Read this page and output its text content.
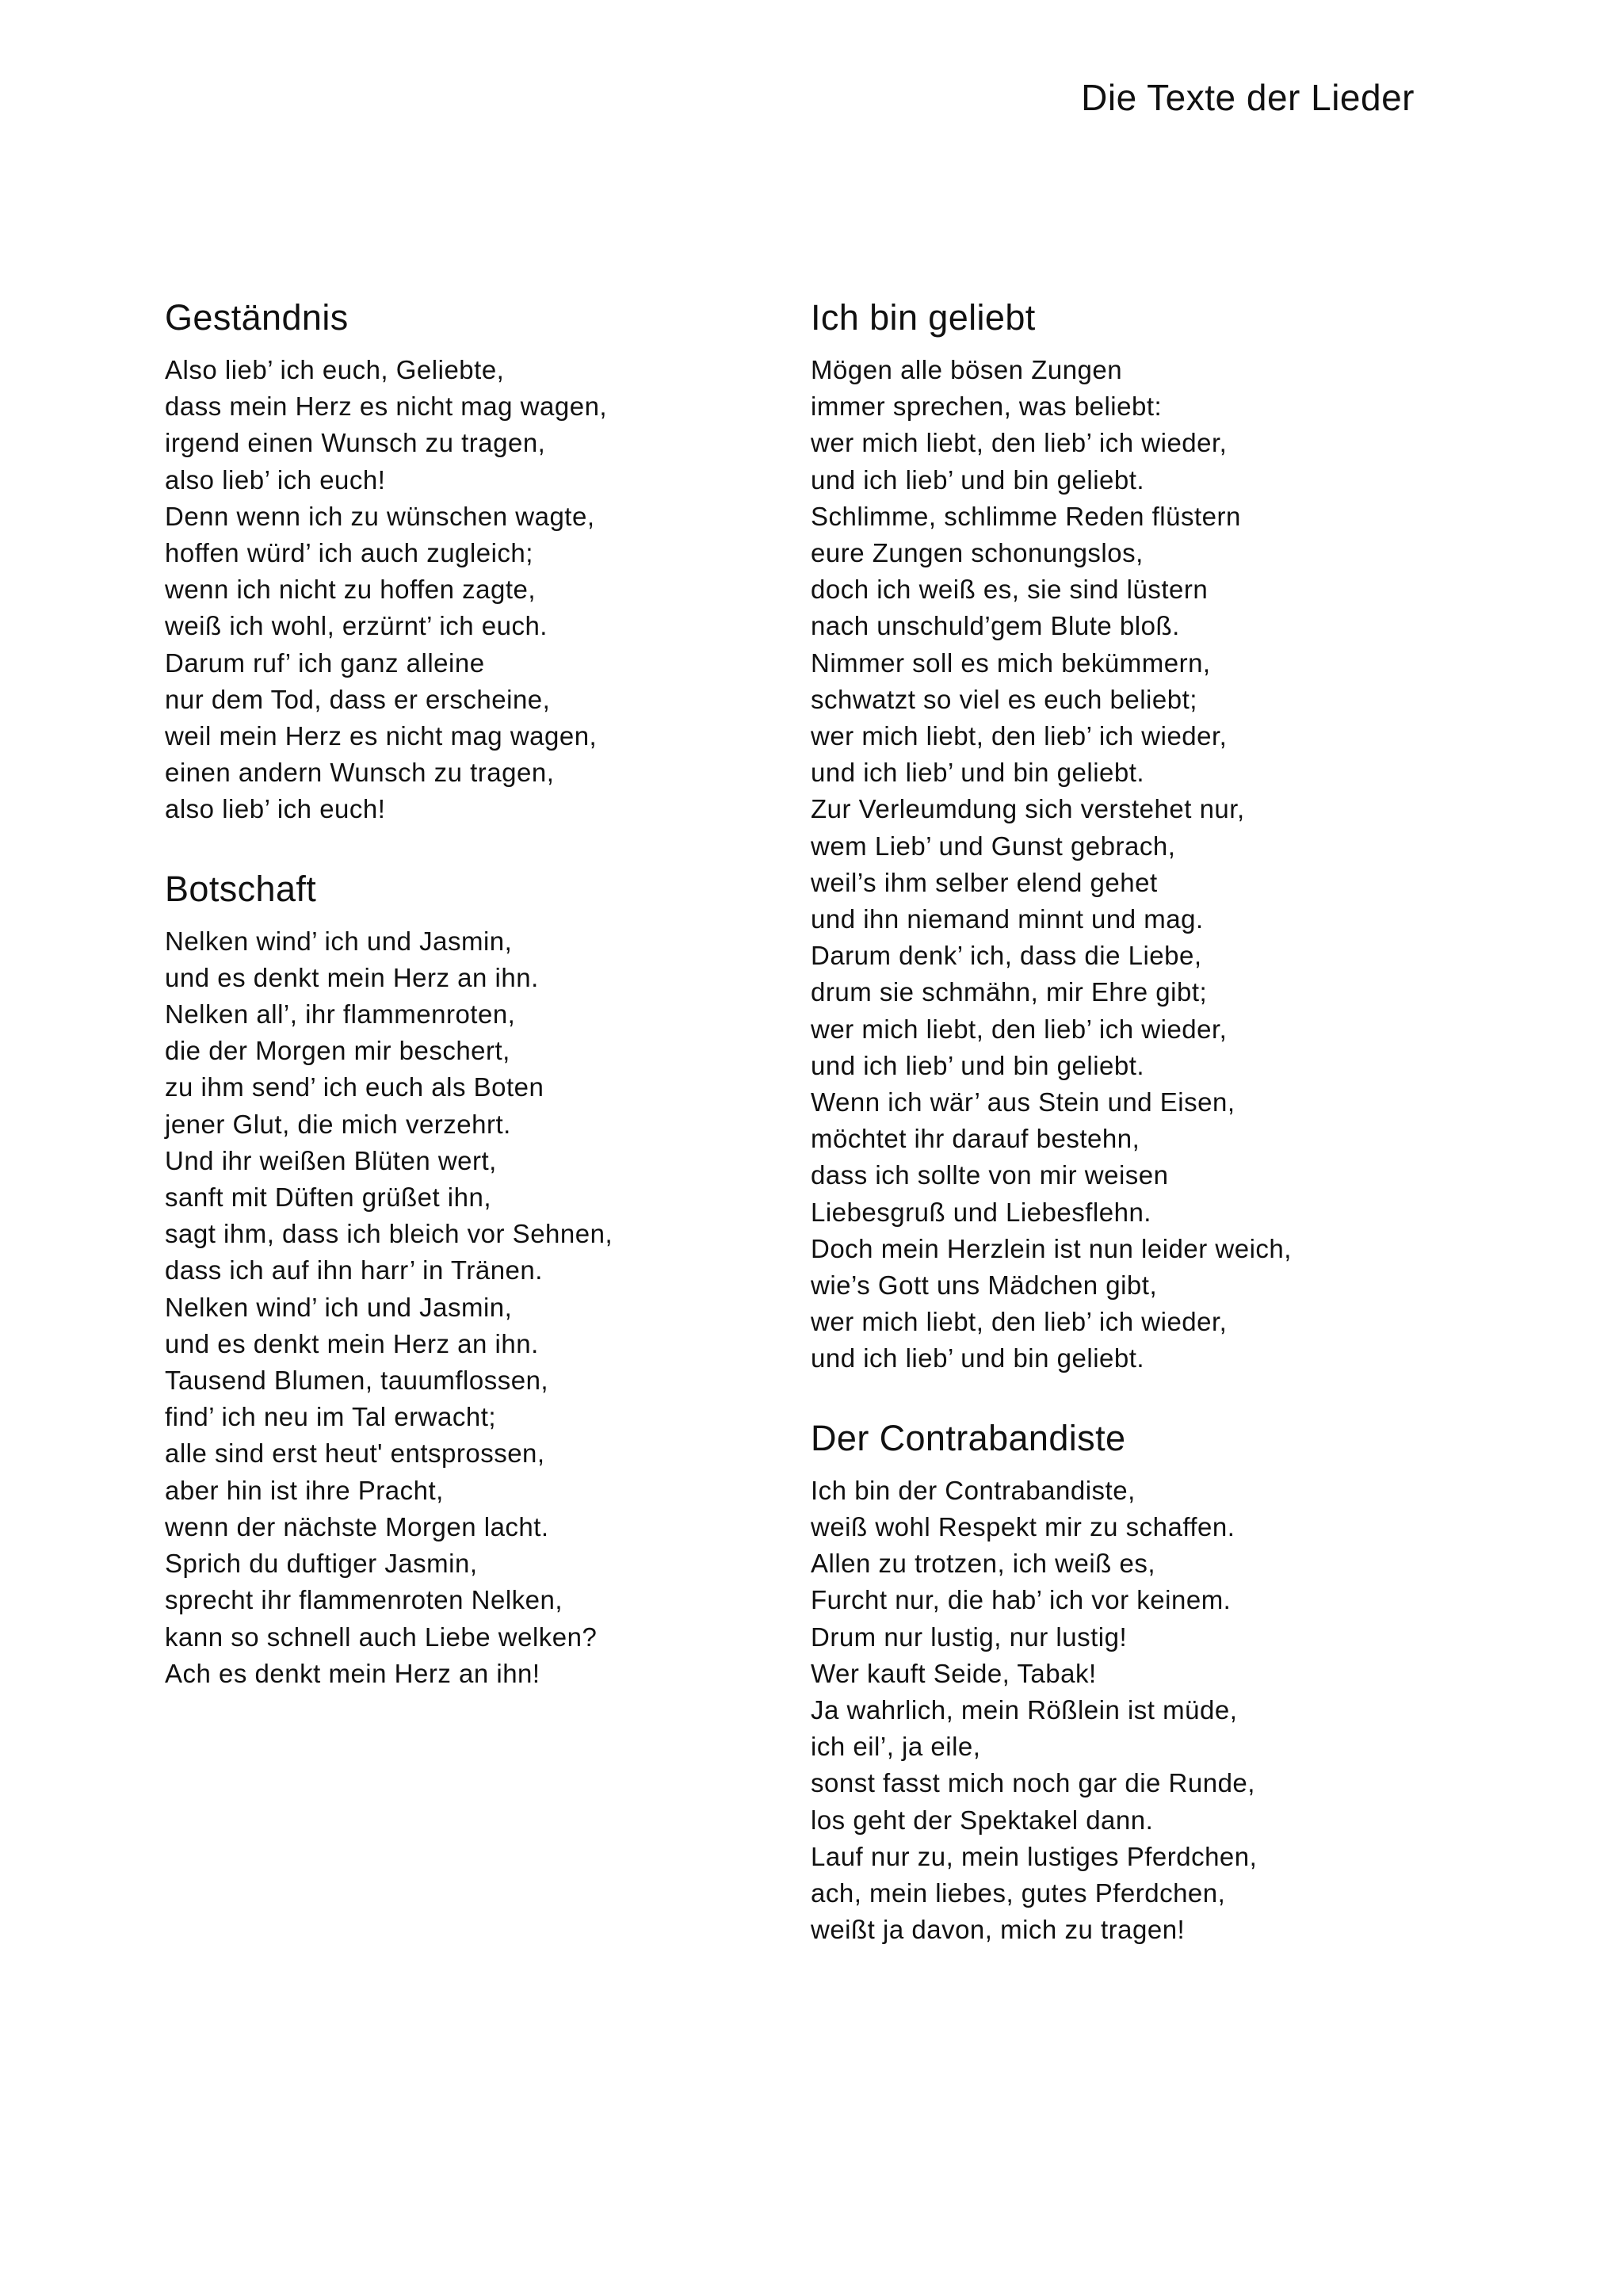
Die Texte der Lieder
Geständnis
Also lieb’ ich euch, Geliebte,
dass mein Herz es nicht mag wagen,
irgend einen Wunsch zu tragen,
also lieb’ ich euch!
Denn wenn ich zu wünschen wagte,
hoffen würd’ ich auch zugleich;
wenn ich nicht zu hoffen zagte,
weiß ich wohl, erzürnt’ ich euch.
Darum ruf’ ich ganz alleine
nur dem Tod, dass er erscheine,
weil mein Herz es nicht mag wagen,
einen andern Wunsch zu tragen,
also lieb’ ich euch!
Botschaft
Nelken wind’ ich und Jasmin,
und es denkt mein Herz an ihn.
Nelken all’, ihr flammenroten,
die der Morgen mir beschert,
zu ihm send’ ich euch als Boten
jener Glut, die mich verzehrt.
Und ihr weißen Blüten wert,
sanft mit Düften grüßet ihn,
sagt ihm, dass ich bleich vor Sehnen,
dass ich auf ihn harr’ in Tränen.
Nelken wind’ ich und Jasmin,
und es denkt mein Herz an ihn.
Tausend Blumen, tauumflossen,
find’ ich neu im Tal erwacht;
alle sind erst heut' entsprossen,
aber hin ist ihre Pracht,
wenn der nächste Morgen lacht.
Sprich du duftiger Jasmin,
sprecht ihr flammenroten Nelken,
kann so schnell auch Liebe welken?
Ach es denkt mein Herz an ihn!
Ich bin geliebt
Mögen alle bösen Zungen
immer sprechen, was beliebt:
wer mich liebt, den lieb’ ich wieder,
und ich lieb’ und bin geliebt.
Schlimme, schlimme Reden flüstern
eure Zungen schonungslos,
doch ich weiß es, sie sind lüstern
nach unschuld’gem Blute bloß.
Nimmer soll es mich bekümmern,
schwatzt so viel es euch beliebt;
wer mich liebt, den lieb’ ich wieder,
und ich lieb’ und bin geliebt.
Zur Verleumdung sich verstehet nur,
wem Lieb’ und Gunst gebrach,
weil’s ihm selber elend gehet
und ihn niemand minnt und mag.
Darum denk’ ich, dass die Liebe,
drum sie schmähn, mir Ehre gibt;
wer mich liebt, den lieb’ ich wieder,
und ich lieb’ und bin geliebt.
Wenn ich wär’ aus Stein und Eisen,
möchtet ihr darauf bestehn,
dass ich sollte von mir weisen
Liebesgruß und Liebesflehn.
Doch mein Herzlein ist nun leider weich,
wie’s Gott uns Mädchen gibt,
wer mich liebt, den lieb’ ich wieder,
und ich lieb’ und bin geliebt.
Der Contrabandiste
Ich bin der Contrabandiste,
weiß wohl Respekt mir zu schaffen.
Allen zu trotzen, ich weiß es,
Furcht nur, die hab’ ich vor keinem.
Drum nur lustig, nur lustig!
Wer kauft Seide, Tabak!
Ja wahrlich, mein Rößlein ist müde,
ich eil’, ja eile,
sonst fasst mich noch gar die Runde,
los geht der Spektakel dann.
Lauf nur zu, mein lustiges Pferdchen,
ach, mein liebes, gutes Pferdchen,
weißt ja davon, mich zu tragen!
